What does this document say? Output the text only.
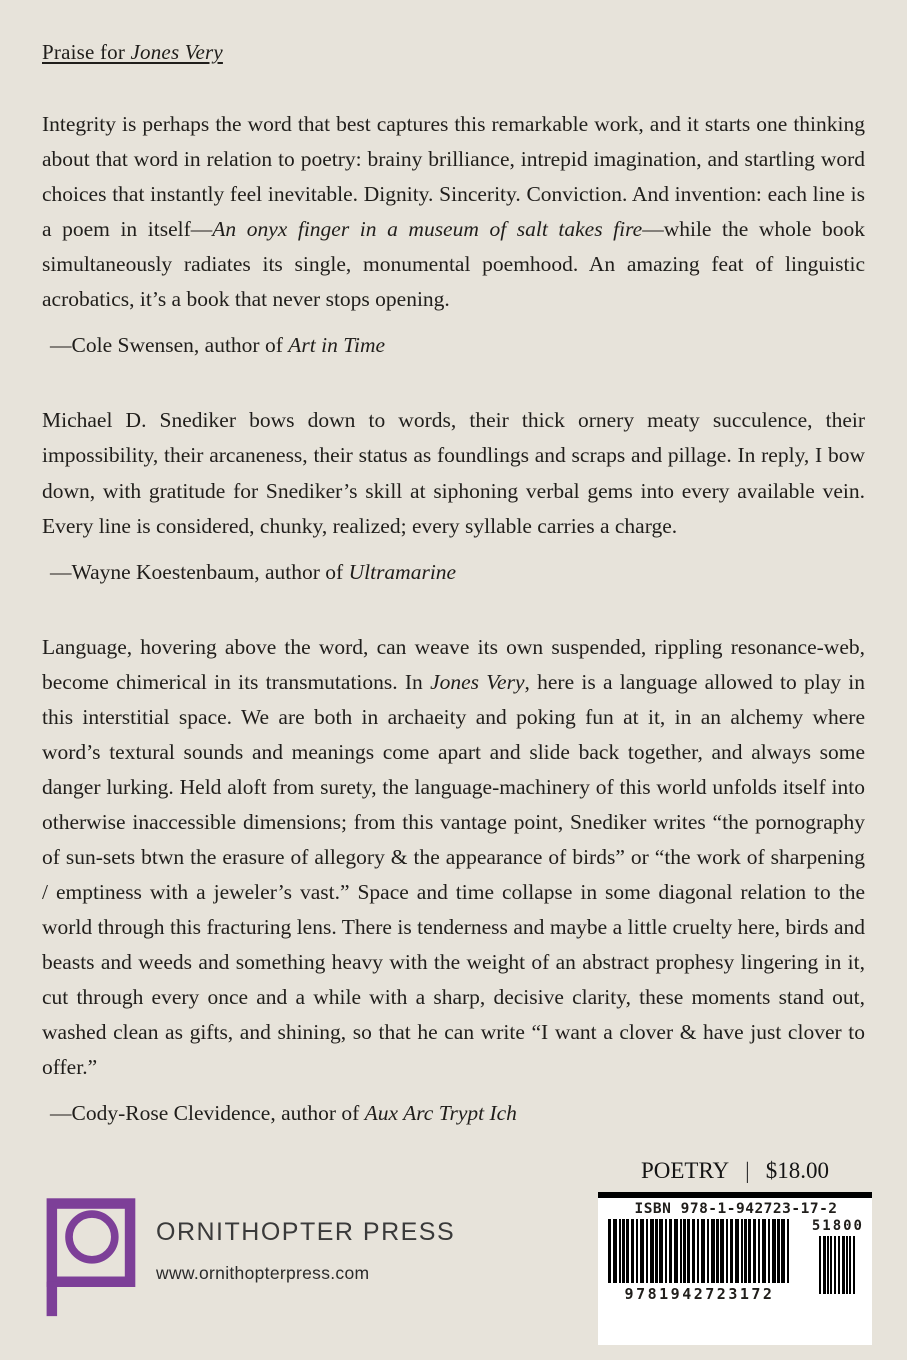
Praise for Jones Very

Integrity is perhaps the word that best captures this remarkable work, and it starts one thinking about that word in relation to poetry: brainy brilliance, intrepid imagination, and startling word choices that instantly feel inevitable. Dignity. Sincerity. Conviction. And invention: each line is a poem in itself—An onyx finger in a museum of salt takes fire—while the whole book simultaneously radiates its single, monumental poemhood. An amazing feat of linguistic acrobatics, it’s a book that never stops opening.

—Cole Swensen, author of Art in Time

Michael D. Snediker bows down to words, their thick ornery meaty succulence, their impossibility, their arcaneness, their status as foundlings and scraps and pillage. In reply, I bow down, with gratitude for Snediker’s skill at siphoning verbal gems into every available vein. Every line is considered, chunky, realized; every syllable carries a charge.

—Wayne Koestenbaum, author of Ultramarine

Language, hovering above the word, can weave its own suspended, rippling resonance-web, become chimerical in its transmutations. In Jones Very, here is a language allowed to play in this interstitial space. We are both in archaeity and poking fun at it, in an alchemy where word’s textural sounds and meanings come apart and slide back together, and always some danger lurking. Held aloft from surety, the language-machinery of this world unfolds itself into otherwise inaccessible dimensions; from this vantage point, Snediker writes “the pornography of sun-sets btwn the erasure of allegory & the appearance of birds” or “the work of sharpening / emptiness with a jeweler’s vast.” Space and time collapse in some diagonal relation to the world through this fracturing lens. There is tenderness and maybe a little cruelty here, birds and beasts and weeds and something heavy with the weight of an abstract prophesy lingering in it, cut through every once and a while with a sharp, decisive clarity, these moments stand out, washed clean as gifts, and shining, so that he can write “I want a clover & have just clover to offer.”

—Cody-Rose Clevidence, author of Aux Arc Trypt Ich

POETRY | $18.00
ISBN 978-1-942723-17-2
9781942723172
51800
ORNITHOPTER PRESS
www.ornithopterpress.com
